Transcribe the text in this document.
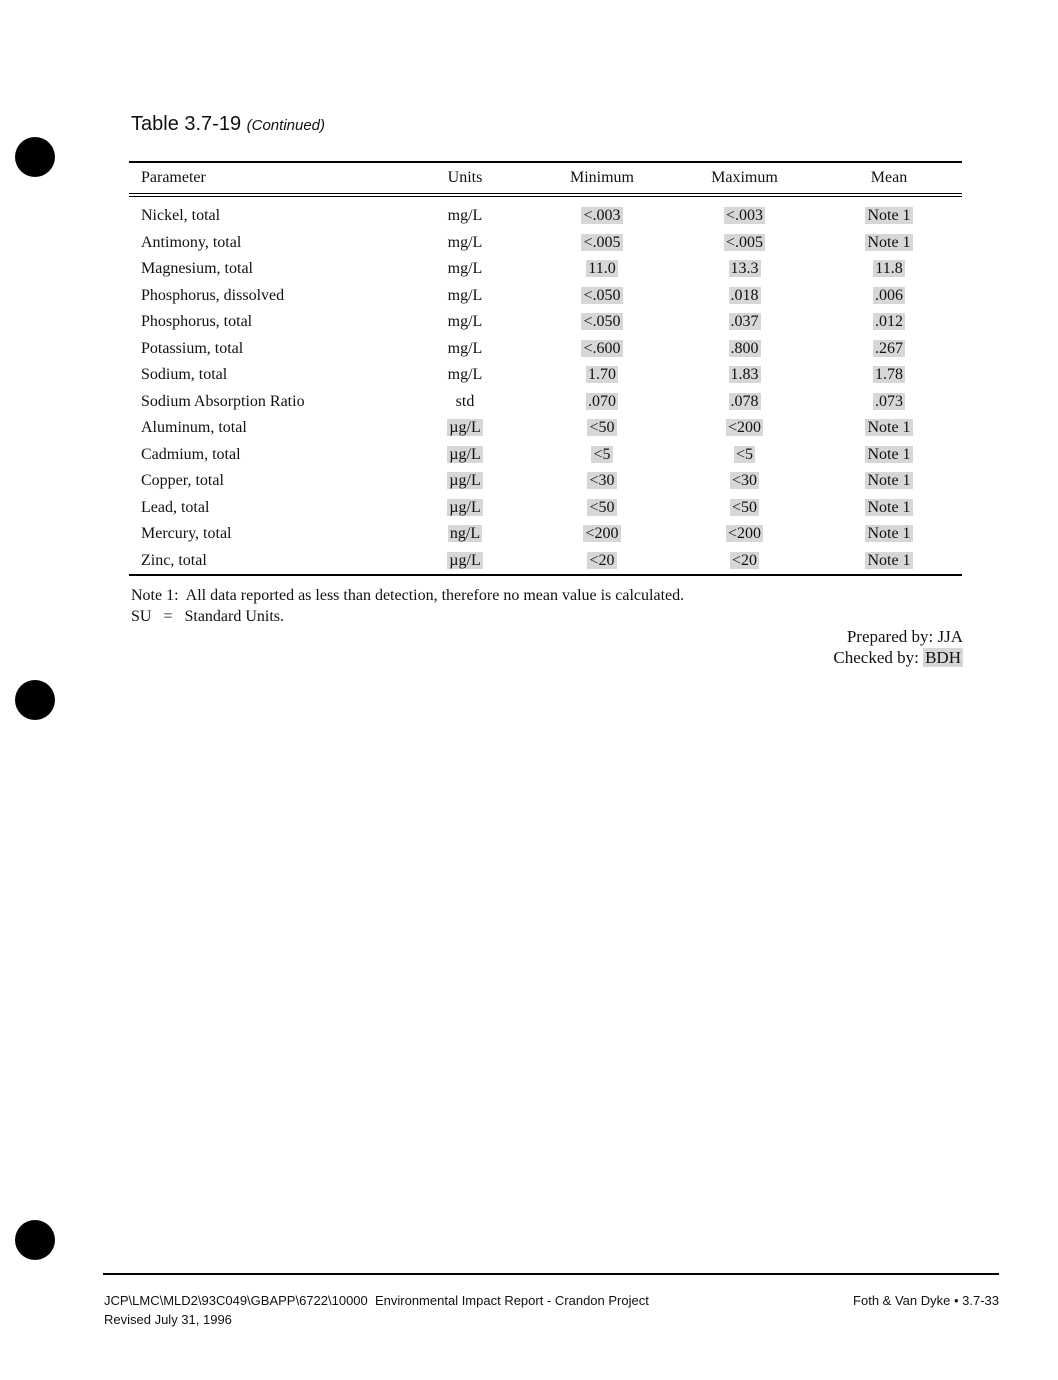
Table 3.7-19 (Continued)
Parameter	Units	Minimum	Maximum	Mean
Nickel, total	mg/L	<.003	<.003	Note 1
Antimony, total	mg/L	<.005	<.005	Note 1
Magnesium, total	mg/L	11.0	13.3	11.8
Phosphorus, dissolved	mg/L	<.050	.018	.006
Phosphorus, total	mg/L	<.050	.037	.012
Potassium, total	mg/L	<.600	.800	.267
Sodium, total	mg/L	1.70	1.83	1.78
Sodium Absorption Ratio	std	.070	.078	.073
Aluminum, total	µg/L	<50	<200	Note 1
Cadmium, total	µg/L	<5	<5	Note 1
Copper, total	µg/L	<30	<30	Note 1
Lead, total	µg/L	<50	<50	Note 1
Mercury, total	ng/L	<200	<200	Note 1
Zinc, total	µg/L	<20	<20	Note 1
Note 1:  All data reported as less than detection, therefore no mean value is calculated.
SU   =   Standard Units.
Prepared by: JJA
Checked by: BDH
JCP\LMC\MLD2\93C049\GBAPP\6722\10000  Environmental Impact Report - Crandon Project
Revised July 31, 1996
Foth & Van Dyke • 3.7-33
